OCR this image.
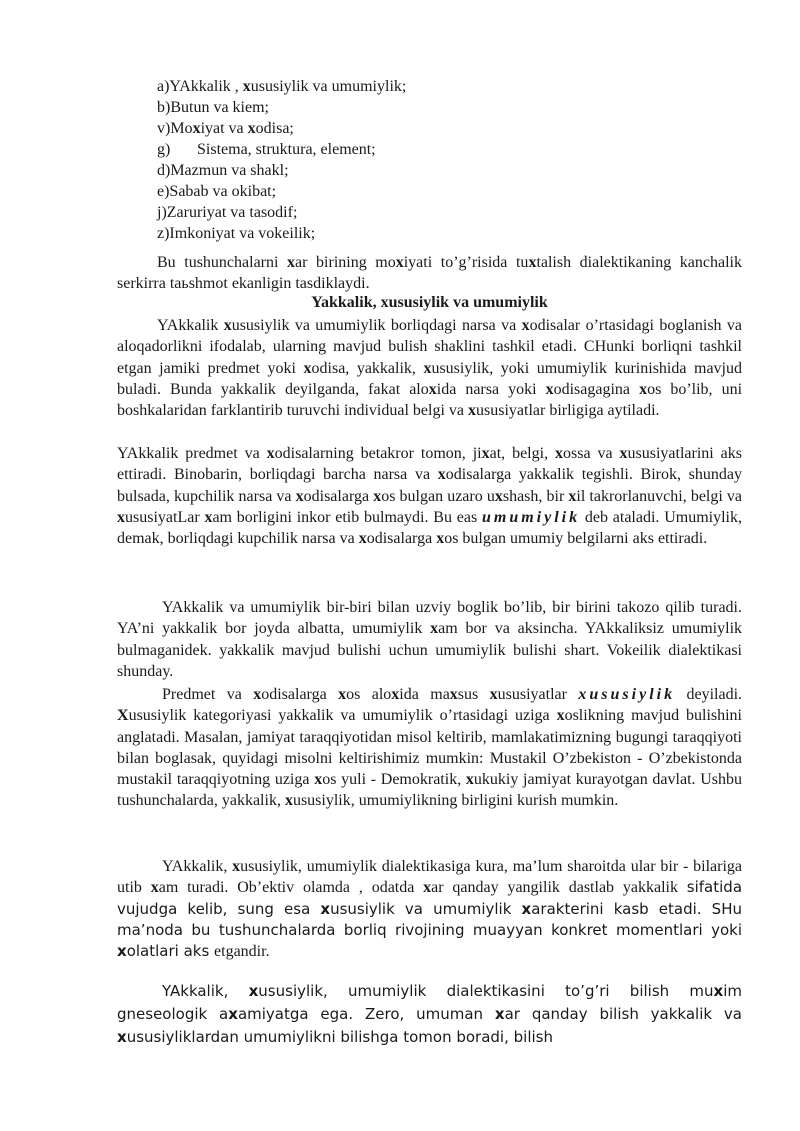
a)YAkkalik , xususiylik va umumiylik;
b)Butun va kiem;
v)Moxiyat va xodisa;
g) Sistema, struktura, element;
d)Mazmun va shakl;
e)Sabab va okibat;
j)Zaruriyat va tasodif;
z)Imkoniyat va vokeilik;
Bu tushunchalarni xar birining moxiyati to’g’risida tuxtalish dialektikaning kanchalik serkirra taьshmot ekanligin tasdiklaydi.
Yakkalik, xususiylik va umumiylik
YAkkalik xususiylik va umumiylik borliqdagi narsa va xodisalar o’rtasidagi boglanish va aloqadorlikni ifodalab, ularning mavjud bulish shaklini tashkil etadi. CHunki borliqni tashkil etgan jamiki predmet yoki xodisa, yakkalik, xususiylik, yoki umumiylik kurinishida mavjud buladi. Bunda yakkalik deyilganda, fakat aloxida narsa yoki xodisagagina xos bo’lib, uni boshkalaridan farklantirib turuvchi individual belgi va xususiyatlar birligiga aytiladi.
YAkkalik predmet va xodisalarning betakror tomon, jixat, belgi, xossa va xususiyatlarini aks ettiradi. Binobarin, borliqdagi barcha narsa va xodisalarga yakkalik tegishli. Birok, shunday bulsada, kupchilik narsa va xodisalarga xos bulgan uzaro uxshash, bir xil takrorlanuvchi, belgi va xususiyatLar xam borligini inkor etib bulmaydi. Bu eas umumiylik deb ataladi. Umumiylik, demak, borliqdagi kupchilik narsa va xodisalarga xos bulgan umumiy belgilarni aks ettiradi.
YAkkalik va umumiylik bir-biri bilan uzviy boglik bo’lib, bir birini takozo qilib turadi. YA’ni yakkalik bor joyda albatta, umumiylik xam bor va aksincha. YAkkaliksiz umumiylik bulmaganidek. yakkalik mavjud bulishi uchun umumiylik bulishi shart. Vokeilik dialektikasi shunday.
Predmet va xodisalarga xos aloxida maxsus xususiyatlar xususiylik deyiladi. Xususiylik kategoriyasi yakkalik va umumiylik o’rtasidagi uziga xoslikning mavjud bulishini anglatadi. Masalan, jamiyat taraqqiyotidan misol keltirib, mamlakatimizning bugungi taraqqiyoti bilan boglasak, quyidagi misolni keltirishimiz mumkin: Mustakil O’zbekiston - O’zbekistonda mustakil taraqqiyotning uziga xos yuli - Demokratik, xukukiy jamiyat kurayotgan davlat. Ushbu tushunchalarda, yakkalik, xususiylik, umumiylikning birligini kurish mumkin.
YAkkalik, xususiylik, umumiylik dialektikasiga kura, ma’lum sharoitda ular bir - bilariga utib xam turadi. Ob’ektiv olamda , odatda xar qanday yangilik dastlab yakkalik sifatida vujudga kelib, sung esa xususiylik va umumiylik xarakterini kasb etadi. SHu ma’noda bu tushunchalarda borliq rivojining muayyan konkret momentlari yoki xolatlari aks etgandir.
YAkkalik, xususiylik, umumiylik dialektikasini to’g’ri bilish muxim gneseologik axamiyatga ega. Zero, umuman xar qanday bilish yakkalik va xususiyliklardan umumiylikni bilishga tomon boradi, bilish
